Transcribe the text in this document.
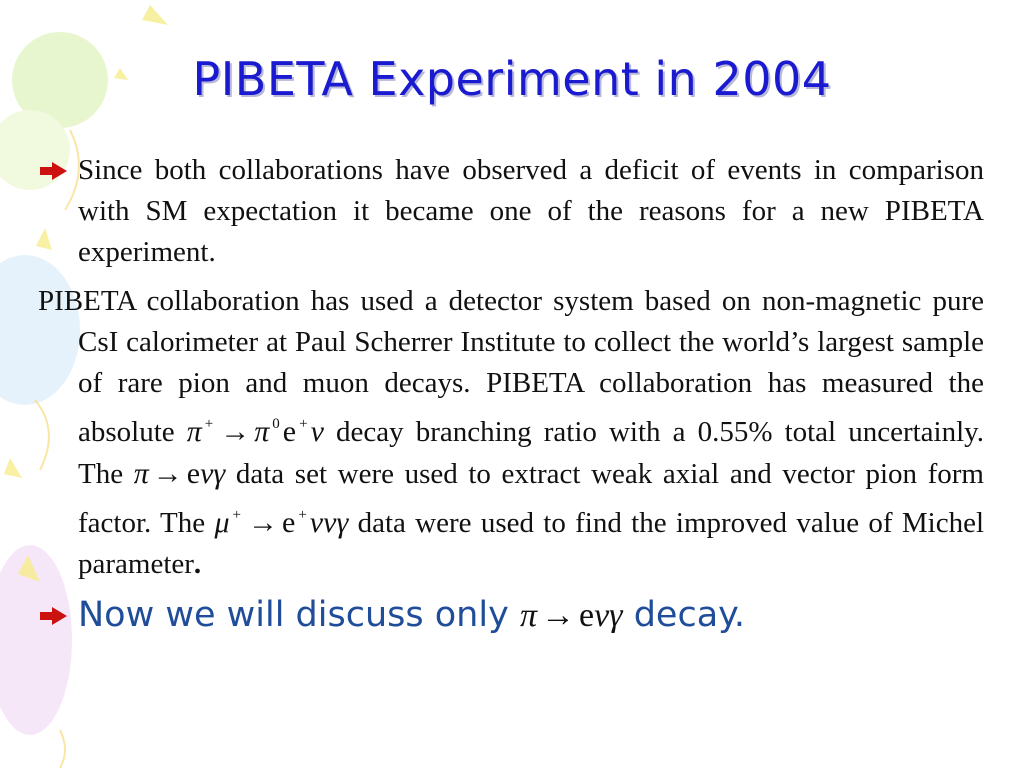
PIBETA Experiment in 2004

Since both collaborations have observed a deficit of events in comparison with SM expectation it became one of the reasons for a new PIBETA experiment.

PIBETA collaboration has used a detector system based on non-magnetic pure CsI calorimeter at Paul Scherrer Institute to collect the world’s largest sample of rare pion and muon decays. PIBETA collaboration has measured the absolute π + → π $^0$ e + ν decay branching ratio with a 0.55% total uncertainly. The π → eνγ data set were used to extract weak axial and vector pion form factor. The μ + → e + ννγ data were used to find the improved value of Michel parameter.

Now we will discuss only π → eνγ decay.
